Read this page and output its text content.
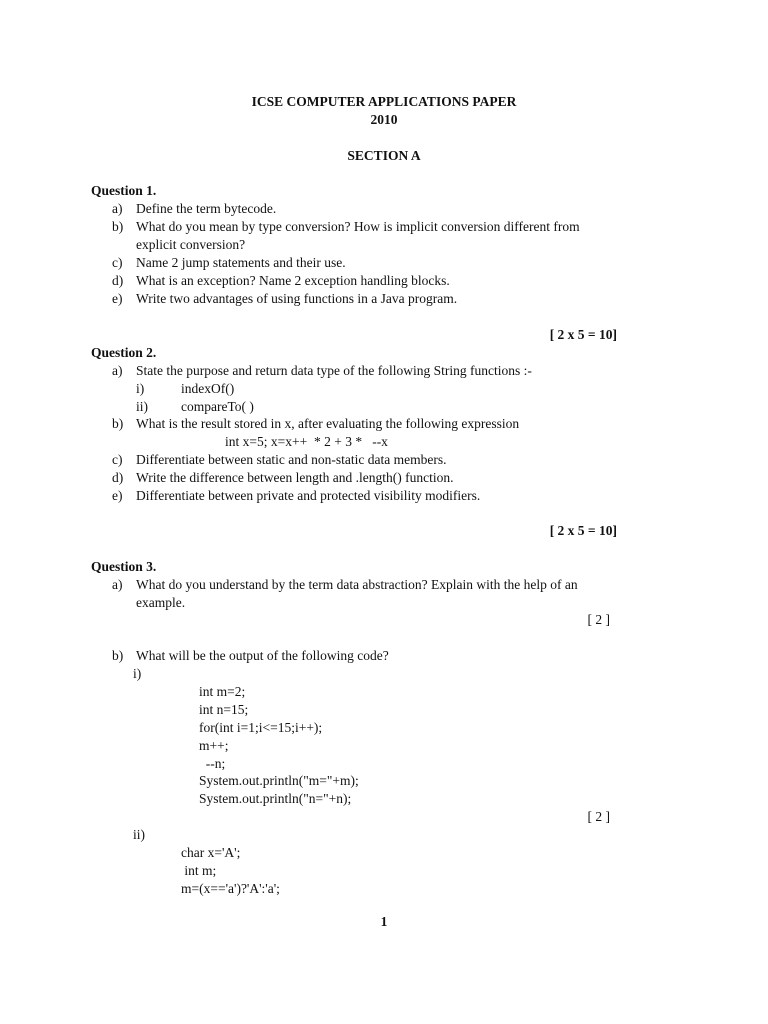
ICSE COMPUTER APPLICATIONS PAPER
2010
SECTION A
Question 1.
a) Define the term bytecode.
b) What do you mean by type conversion? How is implicit conversion different from
explicit conversion?
c) Name 2 jump statements and their use.
d) What is an exception? Name 2 exception handling blocks.
e) Write two advantages of using functions in a Java program.
[ 2 x 5 = 10]
Question 2.
a) State the purpose and return data type of the following String functions :-
i)	indexOf()
ii) compareTo( )
b) What is the result stored in x, after evaluating the following expression
int x=5; x=x++  * 2 + 3 *   --x
c) Differentiate between static and non-static data members.
d) Write the difference between length and .length() function.
e) Differentiate between private and protected visibility modifiers.
[ 2 x 5 = 10]
Question 3.
a) What do you understand by the term data abstraction? Explain with the help of an
example.
[ 2 ]
b) What will be the output of the following code?
i)
int m=2;
int n=15;
for(int i=1;i<=15;i++);
m++;
--n;
System.out.println("m="+m);
System.out.println("n="+n);
[ 2 ]
ii)
char x='A';
int m;
m=(x=='a')?'A':'a';
1
